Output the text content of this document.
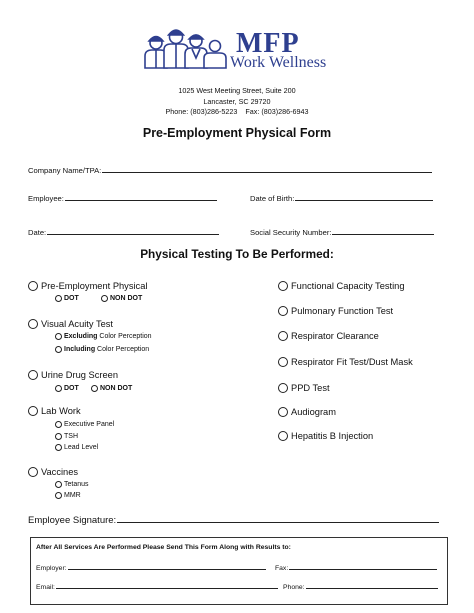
MFP
Work Wellness
1025 West Meeting Street, Suite 200
Lancaster, SC 29720
Phone: (803)286-5223    Fax: (803)286-6943
Pre-Employment Physical Form
Company Name/TPA:
Employee:	Date of Birth:
Date:	Social Security Number:
Physical Testing To Be Performed:
Pre-Employment Physical
DOT	NON DOT
Visual Acuity Test
Excluding Color Perception
Including Color Perception
Urine Drug Screen
DOT	NON DOT
Lab Work
Executive Panel
TSH
Lead Level
Vaccines
Tetanus
MMR
Functional Capacity Testing
Pulmonary Function Test
Respirator Clearance
Respirator Fit Test/Dust Mask
PPD Test
Audiogram
Hepatitis B Injection
Employee Signature:
After All Services Are Performed Please Send This Form Along with Results to:
Employer:	Fax:
Email:	Phone:
